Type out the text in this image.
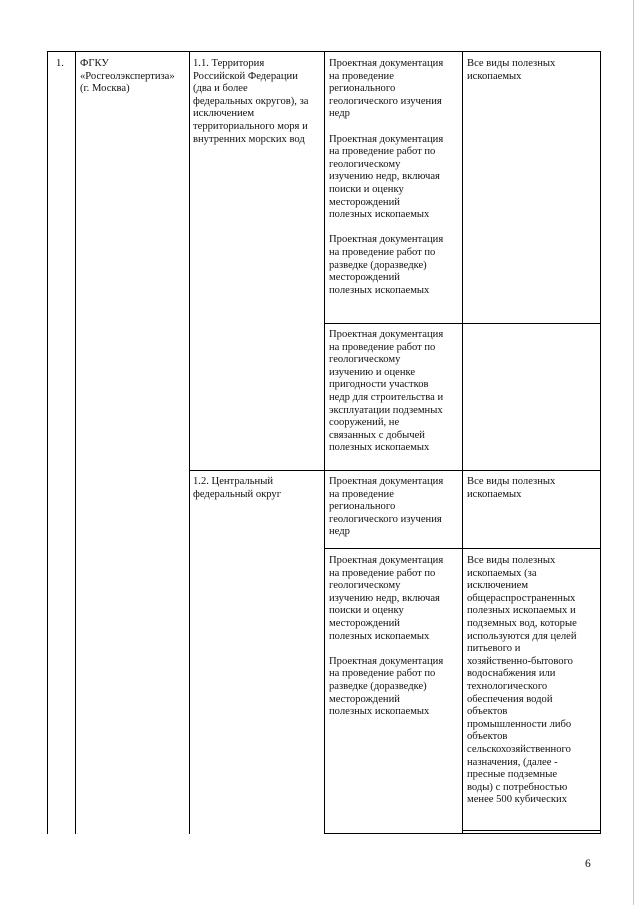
1. ФГКУ
«Росгеолэкспертиза»
(г. Москва)
1.1. Территория
Российской Федерации
(два и более
федеральных округов), за
исключением
территориального моря и
внутренних морских вод
Проектная документация
на проведение
регионального
геологического изучения
недр

Проектная документация
на проведение работ по
геологическому
изучению недр, включая
поиски и оценку
месторождений
полезных ископаемых

Проектная документация
на проведение работ по
разведке (доразведке)
месторождений
полезных ископаемых
Все виды полезных
ископаемых
Проектная документация
на проведение работ по
геологическому
изучению и оценке
пригодности участков
недр для строительства и
эксплуатации подземных
сооружений, не
связанных с добычей
полезных ископаемых
1.2. Центральный
федеральный округ
Проектная документация
на проведение
регионального
геологического изучения
недр
Все виды полезных
ископаемых
Проектная документация
на проведение работ по
геологическому
изучению недр, включая
поиски и оценку
месторождений
полезных ископаемых

Проектная документация
на проведение работ по
разведке (доразведке)
месторождений
полезных ископаемых
Все виды полезных
ископаемых (за
исключением
общераспространенных
полезных ископаемых и
подземных вод, которые
используются для целей
питьевого и
хозяйственно-бытового
водоснабжения или
технологического
обеспечения водой
объектов
промышленности либо
объектов
сельскохозяйственного
назначения, (далее -
пресные подземные
воды) с потребностью
менее 500 кубических
6
